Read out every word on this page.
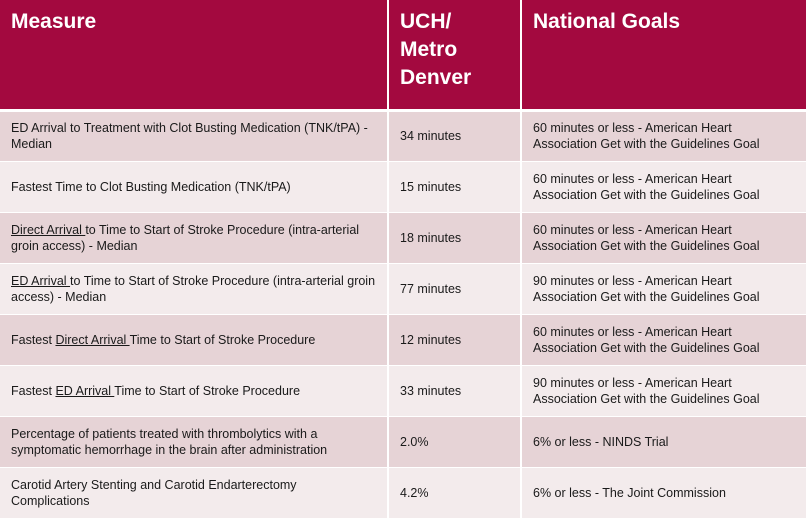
Measure	UCH/
Metro
Denver	National Goals
ED Arrival to Treatment with Clot Busting Medication (TNK/tPA) - Median	34 minutes	60 minutes or less - American Heart Association Get with the Guidelines Goal
Fastest Time to Clot Busting Medication (TNK/tPA)	15 minutes	60 minutes or less - American Heart Association Get with the Guidelines Goal
Direct Arrival to Time to Start of Stroke Procedure (intra-arterial groin access) - Median	18 minutes	60 minutes or less - American Heart Association Get with the Guidelines Goal
ED Arrival to Time to Start of Stroke Procedure (intra-arterial groin access) - Median	77 minutes	90 minutes or less - American Heart Association Get with the Guidelines Goal
Fastest Direct Arrival Time to Start of Stroke Procedure	12 minutes	60 minutes or less - American Heart Association Get with the Guidelines Goal
Fastest ED Arrival Time to Start of Stroke Procedure	33 minutes	90 minutes or less - American Heart Association Get with the Guidelines Goal
Percentage of patients treated with thrombolytics with a symptomatic hemorrhage in the brain after administration	2.0%	6% or less - NINDS Trial
Carotid Artery Stenting and Carotid Endarterectomy Complications	4.2%	6% or less - The Joint Commission
